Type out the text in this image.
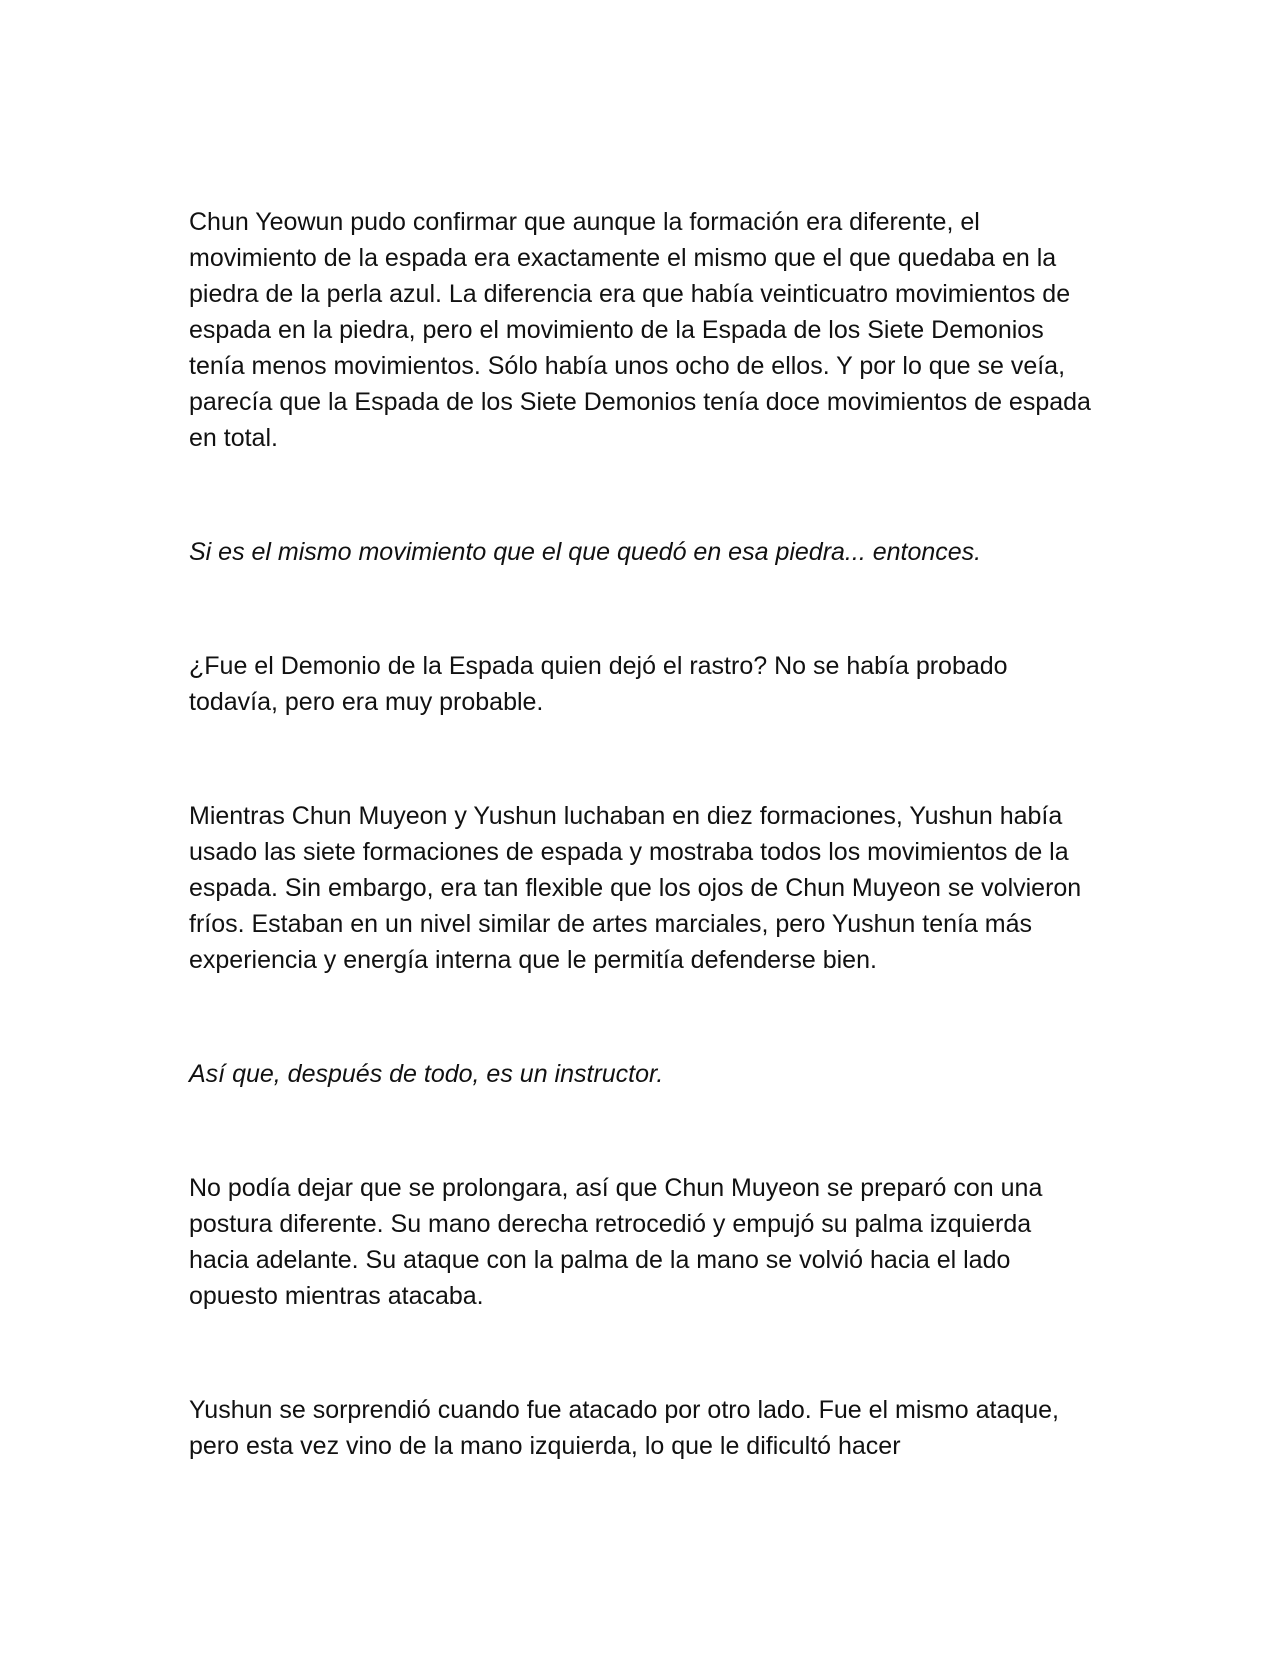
Chun Yeowun pudo confirmar que aunque la formación era diferente, el movimiento de la espada era exactamente el mismo que el que quedaba en la piedra de la perla azul. La diferencia era que había veinticuatro movimientos de espada en la piedra, pero el movimiento de la Espada de los Siete Demonios tenía menos movimientos. Sólo había unos ocho de ellos. Y por lo que se veía, parecía que la Espada de los Siete Demonios tenía doce movimientos de espada en total.

Si es el mismo movimiento que el que quedó en esa piedra... entonces.

¿Fue el Demonio de la Espada quien dejó el rastro? No se había probado todavía, pero era muy probable.

Mientras Chun Muyeon y Yushun luchaban en diez formaciones, Yushun había usado las siete formaciones de espada y mostraba todos los movimientos de la espada. Sin embargo, era tan flexible que los ojos de Chun Muyeon se volvieron fríos. Estaban en un nivel similar de artes marciales, pero Yushun tenía más experiencia y energía interna que le permitía defenderse bien.

Así que, después de todo, es un instructor.

No podía dejar que se prolongara, así que Chun Muyeon se preparó con una postura diferente. Su mano derecha retrocedió y empujó su palma izquierda hacia adelante. Su ataque con la palma de la mano se volvió hacia el lado opuesto mientras atacaba.

Yushun se sorprendió cuando fue atacado por otro lado. Fue el mismo ataque, pero esta vez vino de la mano izquierda, lo que le dificultó hacer
